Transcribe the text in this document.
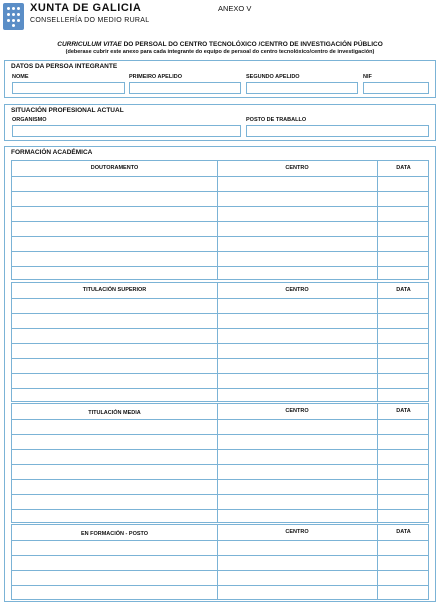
XUNTA DE GALICIA
CONSELLERÍA DO MEDIO RURAL
ANEXO V
CURRICULUM VITAE DO PERSOAL DO CENTRO TECNOLÓXICO /CENTRO DE INVESTIGACIÓN PÚBLICO
(deberase cubrir este anexo para cada integrante do equipo de persoal do centro tecnolóxico/centro de investigación)
DATOS DA PERSOA INTEGRANTE
NOME	PRIMEIRO APELIDO	SEGUNDO APELIDO	NIF
SITUACIÓN PROFESIONAL ACTUAL
ORGANISMO	POSTO DE TRABALLO
FORMACIÓN ACADÉMICA
DOUTORAMENTO	CENTRO	DATA
TITULACIÓN SUPERIOR	CENTRO	DATA
TITULACIÓN MEDIA	CENTRO	DATA
EN FORMACIÓN - POSTO	CENTRO	DATA
